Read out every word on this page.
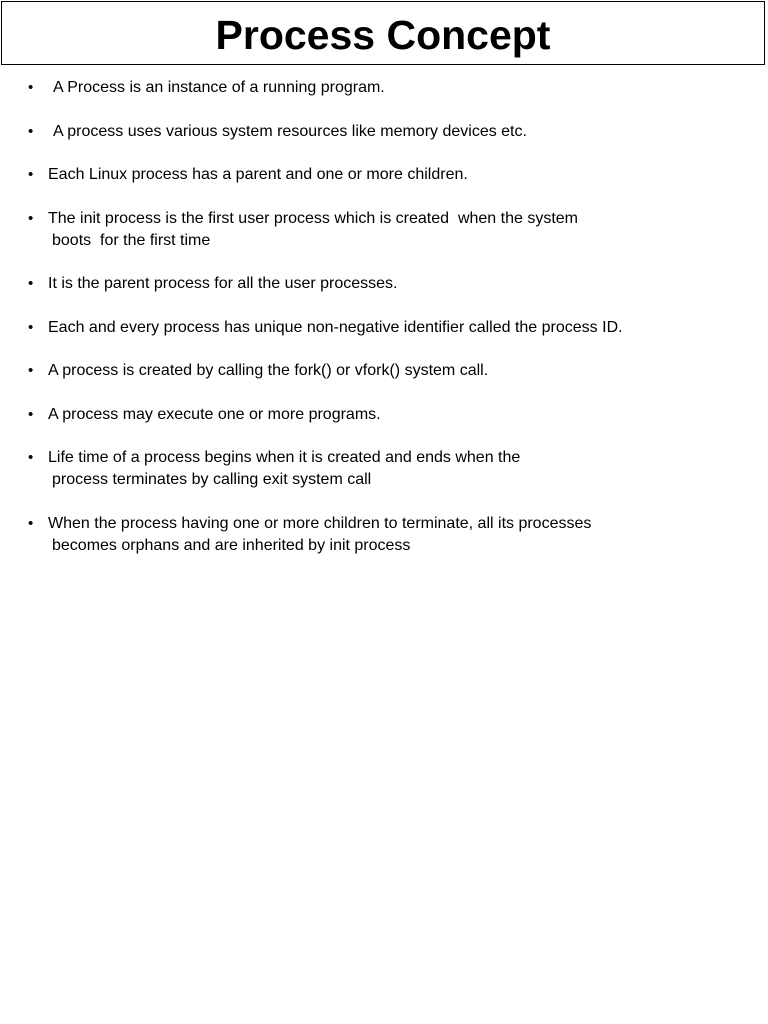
Process Concept
• A Process is an instance of a running program.
• A process uses various system resources like memory devices etc.
• Each Linux process has a parent and one or more children.
• The init process is the first user process which is created  when the system
boots  for the first time
• It is the parent process for all the user processes.
• Each and every process has unique non-negative identifier called the process ID.
• A process is created by calling the fork() or vfork() system call.
• A process may execute one or more programs.
• Life time of a process begins when it is created and ends when the
process terminates by calling exit system call
• When the process having one or more children to terminate, all its processes
becomes orphans and are inherited by init process
